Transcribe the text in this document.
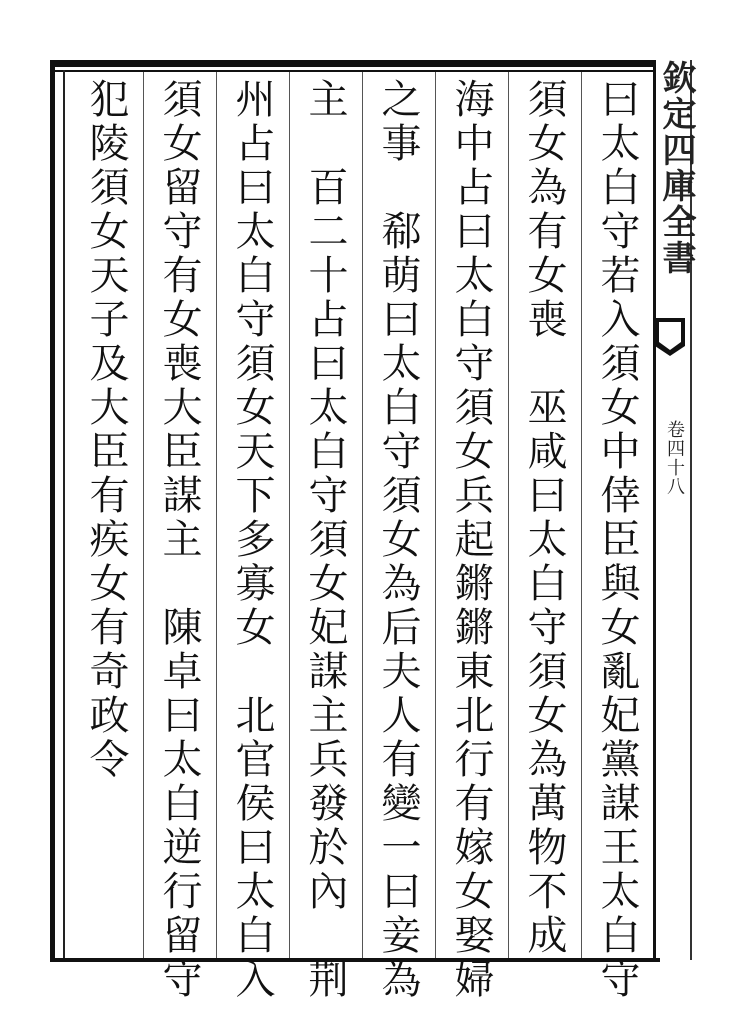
欽定四庫全書
卷四十八
曰太白守若入須女中倖臣與女亂妃黨謀王太白守
須女為有女喪　巫咸曰太白守須女為萬物不成
海中占曰太白守須女兵起鏘鏘東北行有嫁女娶婦
之事　郗萌曰太白守須女為后夫人有變一曰妾為
主　百二十占曰太白守須女妃謀主兵發於內　荆
州占曰太白守須女天下多寡女　北官侯曰太白入
須女留守有女喪大臣謀主　陳卓曰太白逆行留守
犯陵須女天子及大臣有疾女有奇政令
